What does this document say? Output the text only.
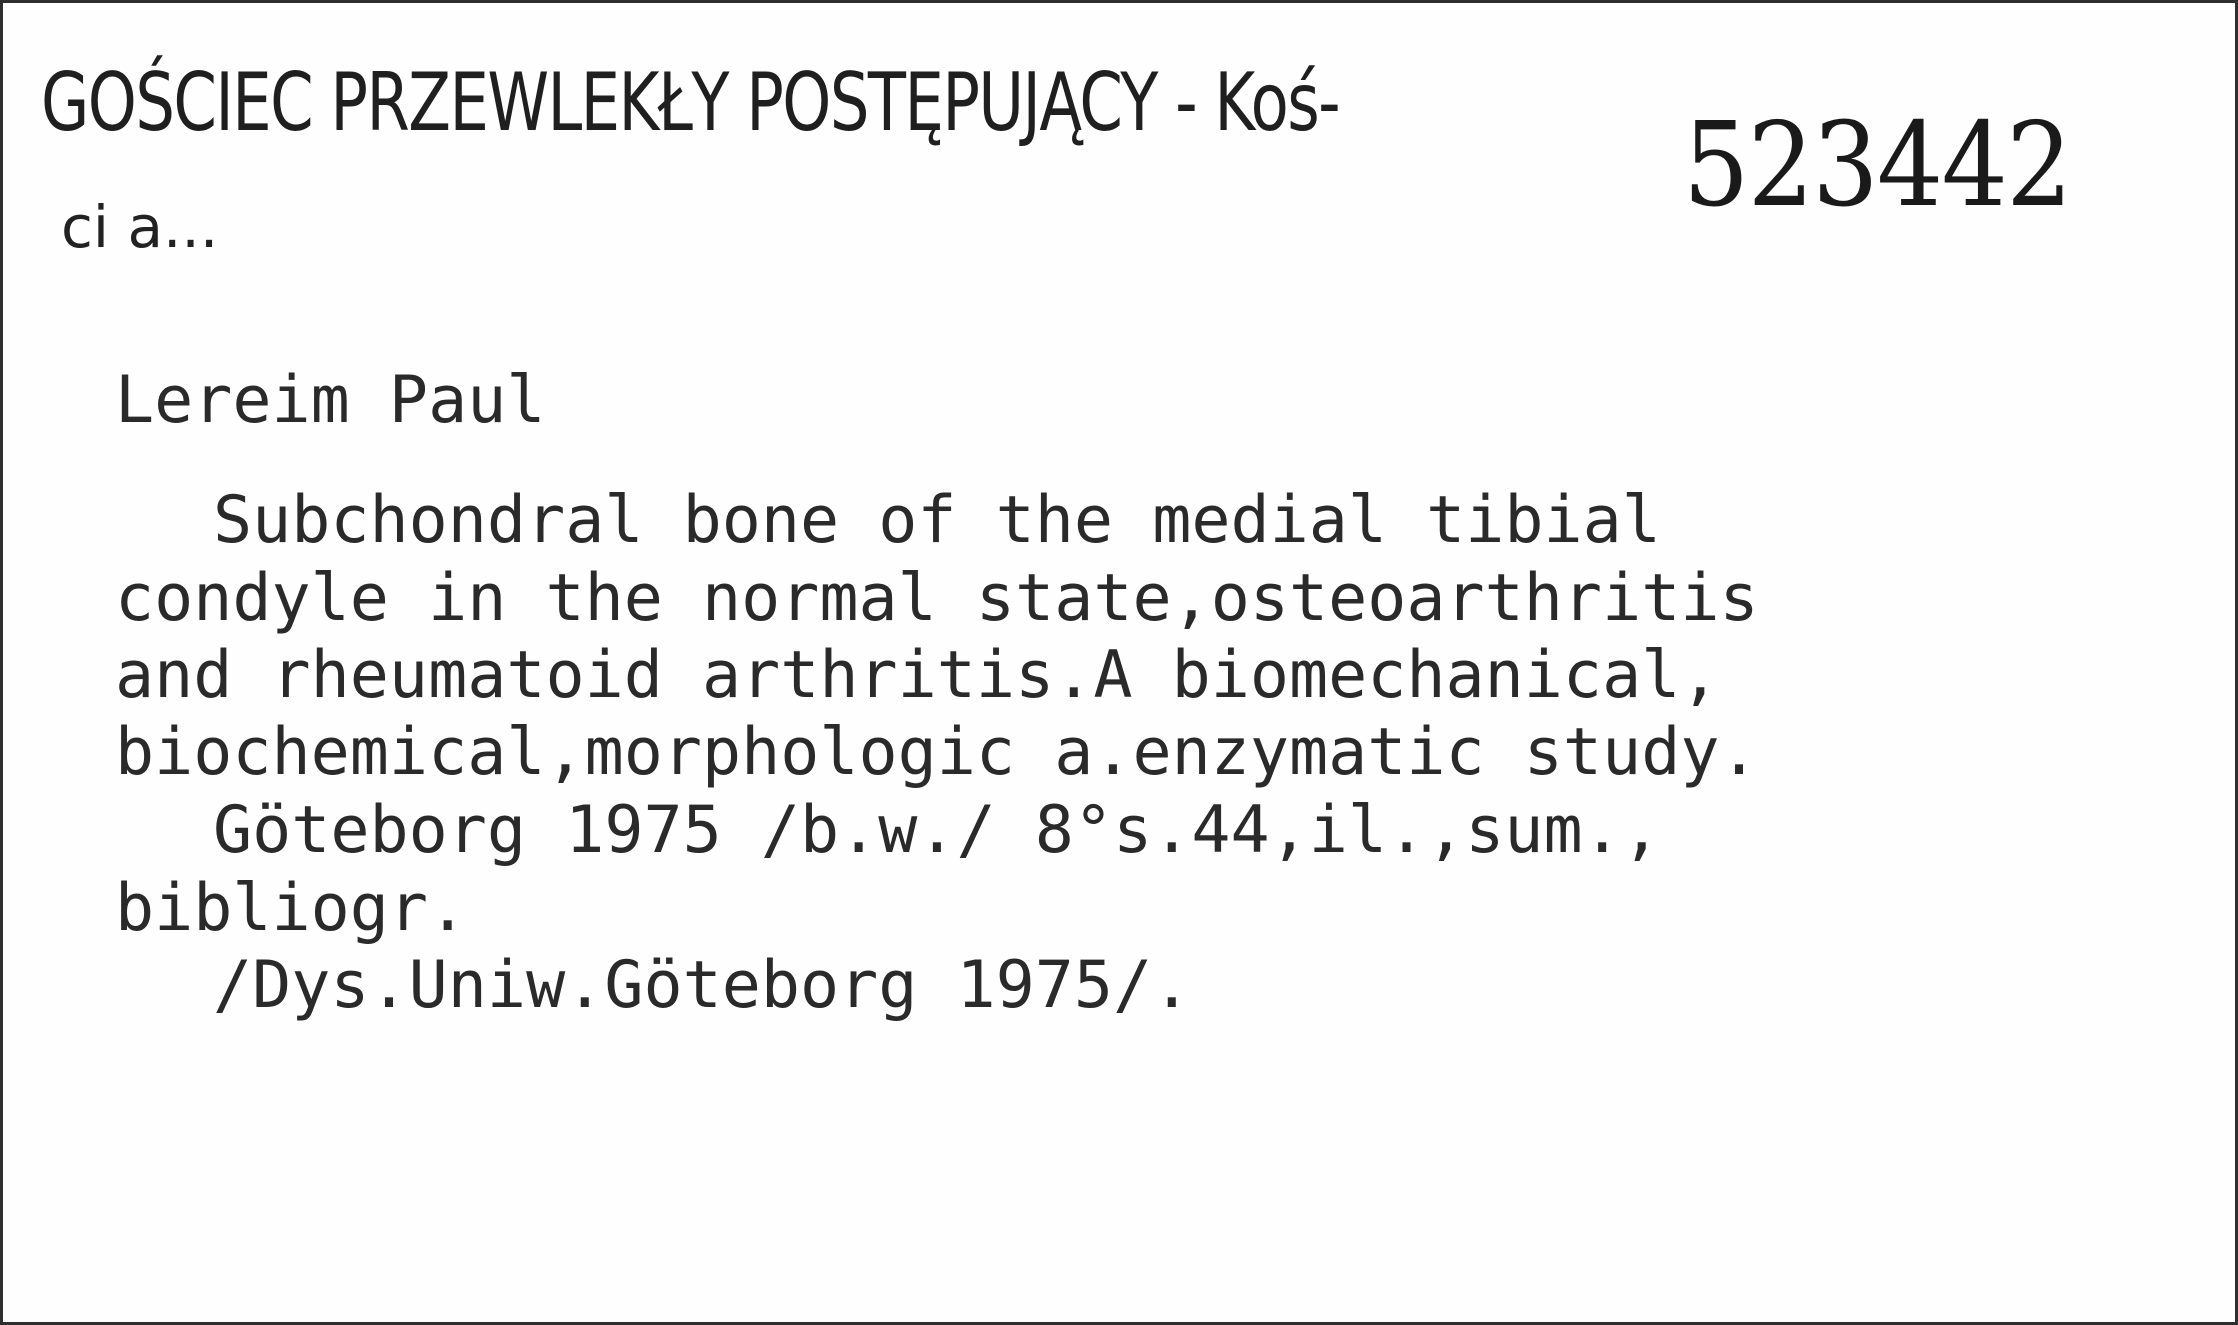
GOŚCIEC PRZEWLEKŁY POSTĘPUJĄCY - Koś-
ci a...	523442
Lereim Paul
Subchondral bone of the medial tibial
condyle in the normal state,osteoarthritis
and rheumatoid arthritis.A biomechanical,
biochemical,morphologic a.enzymatic study.
Göteborg 1975 /b.w./ 8°s.44,il.,sum.,
bibliogr.
/Dys.Uniw.Göteborg 1975/.
